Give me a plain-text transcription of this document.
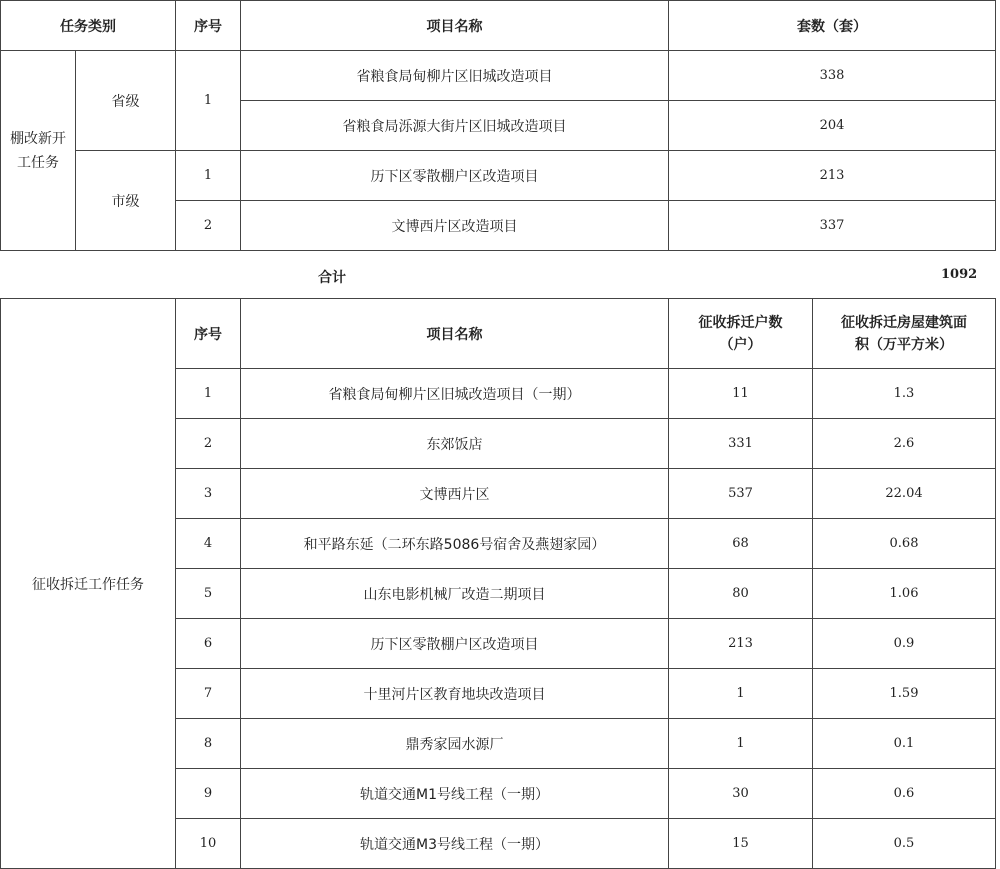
任务类别		序号	项目名称	套数（套）
棚改新开工任务	省级	1	省粮食局甸柳片区旧城改造项目	338
			省粮食局泺源大街片区旧城改造项目	204
	市级	1	历下区零散棚户区改造项目	213
		2	文博西片区改造项目	337
合计	1092
征收拆迁工作任务	序号	项目名称	征收拆迁户数（户）	征收拆迁房屋建筑面积（万平方米）
	1	省粮食局甸柳片区旧城改造项目（一期）	11	1.3
	2	东郊饭店	331	2.6
	3	文博西片区	537	22.04
	4	和平路东延（二环东路5086号宿舍及燕翅家园）	68	0.68
	5	山东电影机械厂改造二期项目	80	1.06
	6	历下区零散棚户区改造项目	213	0.9
	7	十里河片区教育地块改造项目	1	1.59
	8	鼎秀家园水源厂	1	0.1
	9	轨道交通M1号线工程（一期）	30	0.6
	10	轨道交通M3号线工程（一期）	15	0.5
